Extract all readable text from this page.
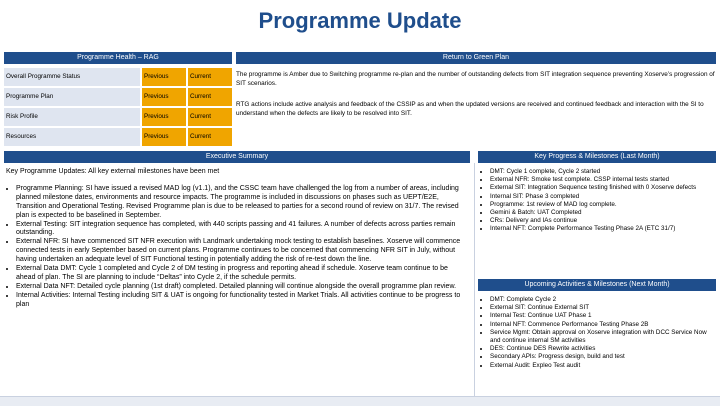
Programme Update
Programme Health – RAG	Return to Green Plan
Overall Programme Status	Previous	Current
Programme Plan	Previous	Current
Risk Profile	Previous	Current
Resources	Previous	Current
The programme is Amber due to Switching programme re-plan and the number of outstanding defects from SIT integration sequence preventing Xoserve’s progression of SIT scenarios.
RTG actions include active analysis and feedback of the CSSIP as and when the updated versions are received and continued feedback and interaction with the SI to understand when the defects are likely to be resolved into SIT.
Executive Summary	Key Progress & Milestones (Last Month)
Key Programme Updates: All key external milestones have been met
• Programme Planning: SI have issued a revised MAD log (v1.1), and the CSSC team have challenged the log from a number of areas, including planned milestone dates, environments and resource impacts. The programme is included in discussions on phases such as UEPT/E2E, Transition and Operational Testing. Revised Programme plan is due to be released to parties for a second round of review on 31/7. The revised plan is expected to be baselined in September.
• External Testing: SIT integration sequence has completed, with 440 scripts passing and 41 failures. A number of defects across parties remain outstanding.
• External NFR: SI have commenced SIT NFR execution with Landmark undertaking mock testing to establish baselines. Xoserve will commence connected tests in early September based on current plans. Programme continues to be concerned that commencing NFR SIT in July, without having undertaken an adequate level of SIT Functional testing in potentially adding the risk of re-test down the line.
• External Data DMT: Cycle 1 completed and Cycle 2 of DM testing in progress and reporting ahead if schedule. Xoserve team continue to be ahead of plan. The SI are planning to include “Deltas” into Cycle 2, if the schedule permits.
• External Data NFT: Detailed cycle planning (1st draft) completed. Detailed planning will continue alongside the overall programme plan review.
• Internal Activities: Internal Testing including SIT & UAT is ongoing for functionality tested in Market Trials. All activities continue to be progress to plan
• DMT: Cycle 1 complete, Cycle 2 started
• External NFR: Smoke test complete. CSSP internal tests started
• External SIT: Integration Sequence testing finished with 0 Xoserve defects
• Internal SIT: Phase 3 completed
• Programme: 1st review of MAD log complete.
• Gemini & Batch: UAT Completed
• CRs: Delivery and IAs continue
• Internal NFT: Complete Performance Testing Phase 2A (ETC 31/7)
Upcoming Activities & Milestones (Next Month)
• DMT: Complete Cycle 2
• External SIT: Continue External SIT
• Internal Test: Continue UAT Phase 1
• Internal NFT: Commence Performance Testing Phase 2B
• Service Mgmt: Obtain approval on Xoserve integration with DCC Service Now and continue internal SM activities
• DES: Continue DES Rewrite activities
• Secondary APIs: Progress design, build and test
• External Audit: Expleo Test audit
